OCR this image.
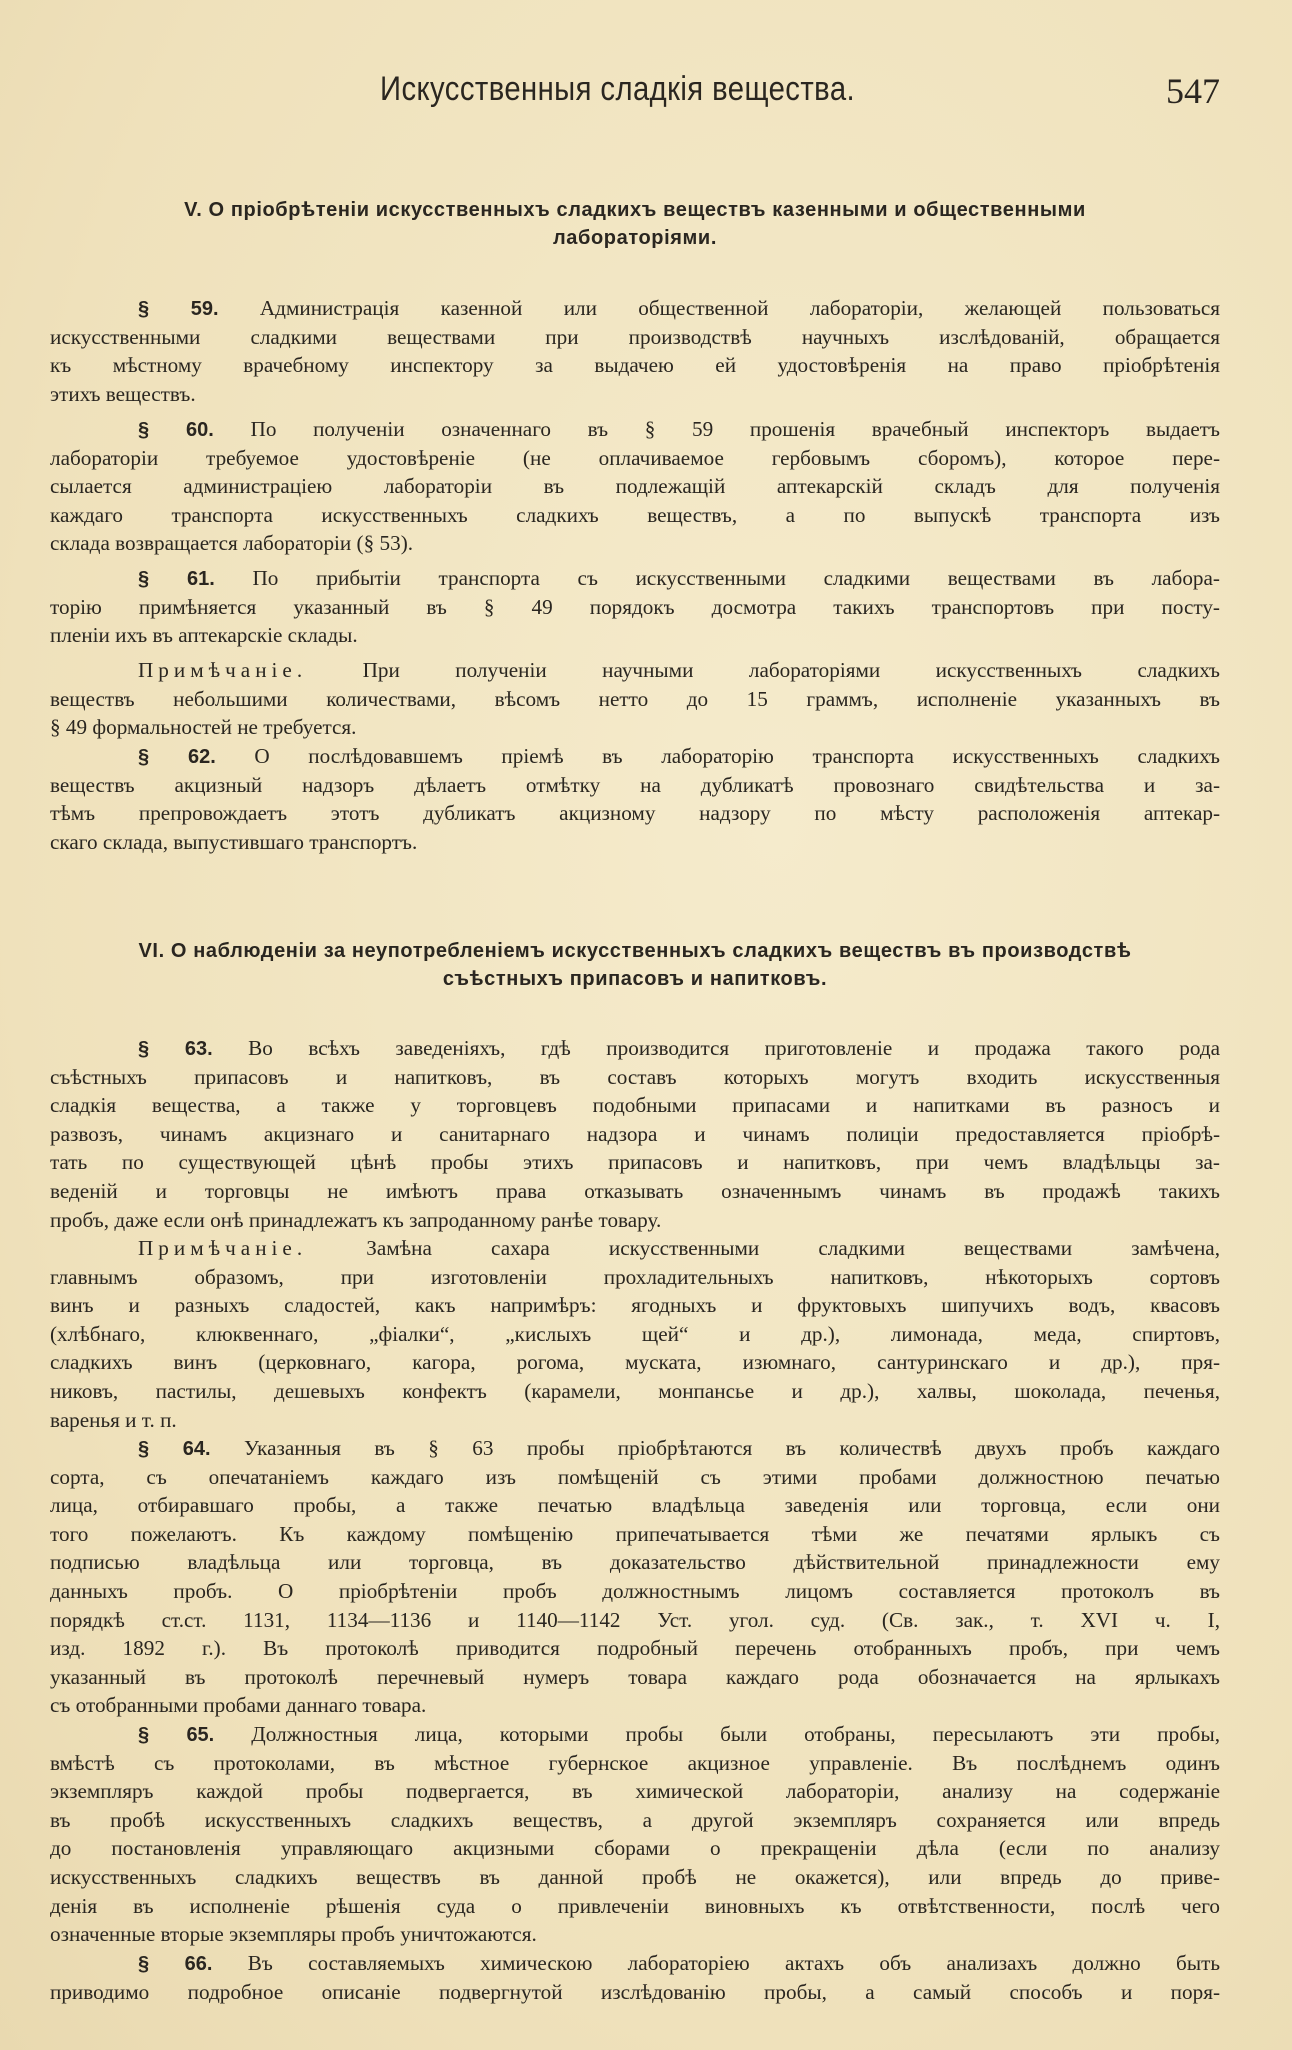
Искусственныя сладкія вещества.	547
V. О пріобрѣтеніи искусственныхъ сладкихъ веществъ казенными и общественными
лабораторіями.
§ 59. Администрація казенной или общественной лабораторіи, желающей пользоваться
искусственными сладкими веществами при производствѣ научныхъ изслѣдованій, обращается
къ мѣстному врачебному инспектору за выдачею ей удостовѣренія на право пріобрѣтенія
этихъ веществъ.
§ 60. По полученіи означеннаго въ § 59 прошенія врачебный инспекторъ выдаетъ
лабораторіи требуемое удостовѣреніе (не оплачиваемое гербовымъ сборомъ), которое пере-
сылается администраціею лабораторіи въ подлежащій аптекарскій складъ для полученія
каждаго транспорта искусственныхъ сладкихъ веществъ, а по выпускѣ транспорта изъ
склада возвращается лабораторіи (§ 53).
§ 61. По прибытіи транспорта съ искусственными сладкими веществами въ лабора-
торію примѣняется указанный въ § 49 порядокъ досмотра такихъ транспортовъ при посту-
пленіи ихъ въ аптекарскіе склады.
Примѣчаніе. При полученіи научными лабораторіями искусственныхъ сладкихъ
веществъ небольшими количествами, вѣсомъ нетто до 15 граммъ, исполненіе указанныхъ въ
§ 49 формальностей не требуется.
§ 62. О послѣдовавшемъ пріемѣ въ лабораторію транспорта искусственныхъ сладкихъ
веществъ акцизный надзоръ дѣлаетъ отмѣтку на дубликатѣ провознаго свидѣтельства и за-
тѣмъ препровождаетъ этотъ дубликатъ акцизному надзору по мѣсту расположенія аптекар-
скаго склада, выпустившаго транспортъ.
VI. О наблюденіи за неупотребленіемъ искусственныхъ сладкихъ веществъ въ производствѣ
съѣстныхъ припасовъ и напитковъ.
§ 63. Во всѣхъ заведеніяхъ, гдѣ производится приготовленіе и продажа такого рода
съѣстныхъ припасовъ и напитковъ, въ составъ которыхъ могутъ входить искусственныя
сладкія вещества, а также у торговцевъ подобными припасами и напитками въ разносъ и
развозъ, чинамъ акцизнаго и санитарнаго надзора и чинамъ полиціи предоставляется пріобрѣ-
тать по существующей цѣнѣ пробы этихъ припасовъ и напитковъ, при чемъ владѣльцы за-
веденій и торговцы не имѣютъ права отказывать означеннымъ чинамъ въ продажѣ такихъ
пробъ, даже если онѣ принадлежатъ къ запроданному ранѣе товару.
Примѣчаніе. Замѣна сахара искусственными сладкими веществами замѣчена,
главнымъ образомъ, при изготовленіи прохладительныхъ напитковъ, нѣкоторыхъ сортовъ
винъ и разныхъ сладостей, какъ напримѣръ: ягодныхъ и фруктовыхъ шипучихъ водъ, квасовъ
(хлѣбнаго, клюквеннаго, „фіалки“, „кислыхъ щей“ и др.), лимонада, меда, спиртовъ,
сладкихъ винъ (церковнаго, кагора, рогома, муската, изюмнаго, сантуринскаго и др.), пря-
никовъ, пастилы, дешевыхъ конфектъ (карамели, монпансье и др.), халвы, шоколада, печенья,
варенья и т. п.
§ 64. Указанныя въ § 63 пробы пріобрѣтаются въ количествѣ двухъ пробъ каждаго
сорта, съ опечатаніемъ каждаго изъ помѣщеній съ этими пробами должностною печатью
лица, отбиравшаго пробы, а также печатью владѣльца заведенія или торговца, если они
того пожелаютъ. Къ каждому помѣщенію припечатывается тѣми же печатями ярлыкъ съ
подписью владѣльца или торговца, въ доказательство дѣйствительной принадлежности ему
данныхъ пробъ. О пріобрѣтеніи пробъ должностнымъ лицомъ составляется протоколъ въ
порядкѣ ст.ст. 1131, 1134—1136 и 1140—1142 Уст. угол. суд. (Св. зак., т. XVI ч. I,
изд. 1892 г.). Въ протоколѣ приводится подробный перечень отобранныхъ пробъ, при чемъ
указанный въ протоколѣ перечневый нумеръ товара каждаго рода обозначается на ярлыкахъ
съ отобранными пробами даннаго товара.
§ 65. Должностныя лица, которыми пробы были отобраны, пересылаютъ эти пробы,
вмѣстѣ съ протоколами, въ мѣстное губернское акцизное управленіе. Въ послѣднемъ одинъ
экземпляръ каждой пробы подвергается, въ химической лабораторіи, анализу на содержаніе
въ пробѣ искусственныхъ сладкихъ веществъ, а другой экземпляръ сохраняется или впредь
до постановленія управляющаго акцизными сборами о прекращеніи дѣла (если по анализу
искусственныхъ сладкихъ веществъ въ данной пробѣ не окажется), или впредь до приве-
денія въ исполненіе рѣшенія суда о привлеченіи виновныхъ къ отвѣтственности, послѣ чего
означенные вторые экземпляры пробъ уничтожаются.
§ 66. Въ составляемыхъ химическою лабораторіею актахъ объ анализахъ должно быть
приводимо подробное описаніе подвергнутой изслѣдованію пробы, а самый способъ и поря-
